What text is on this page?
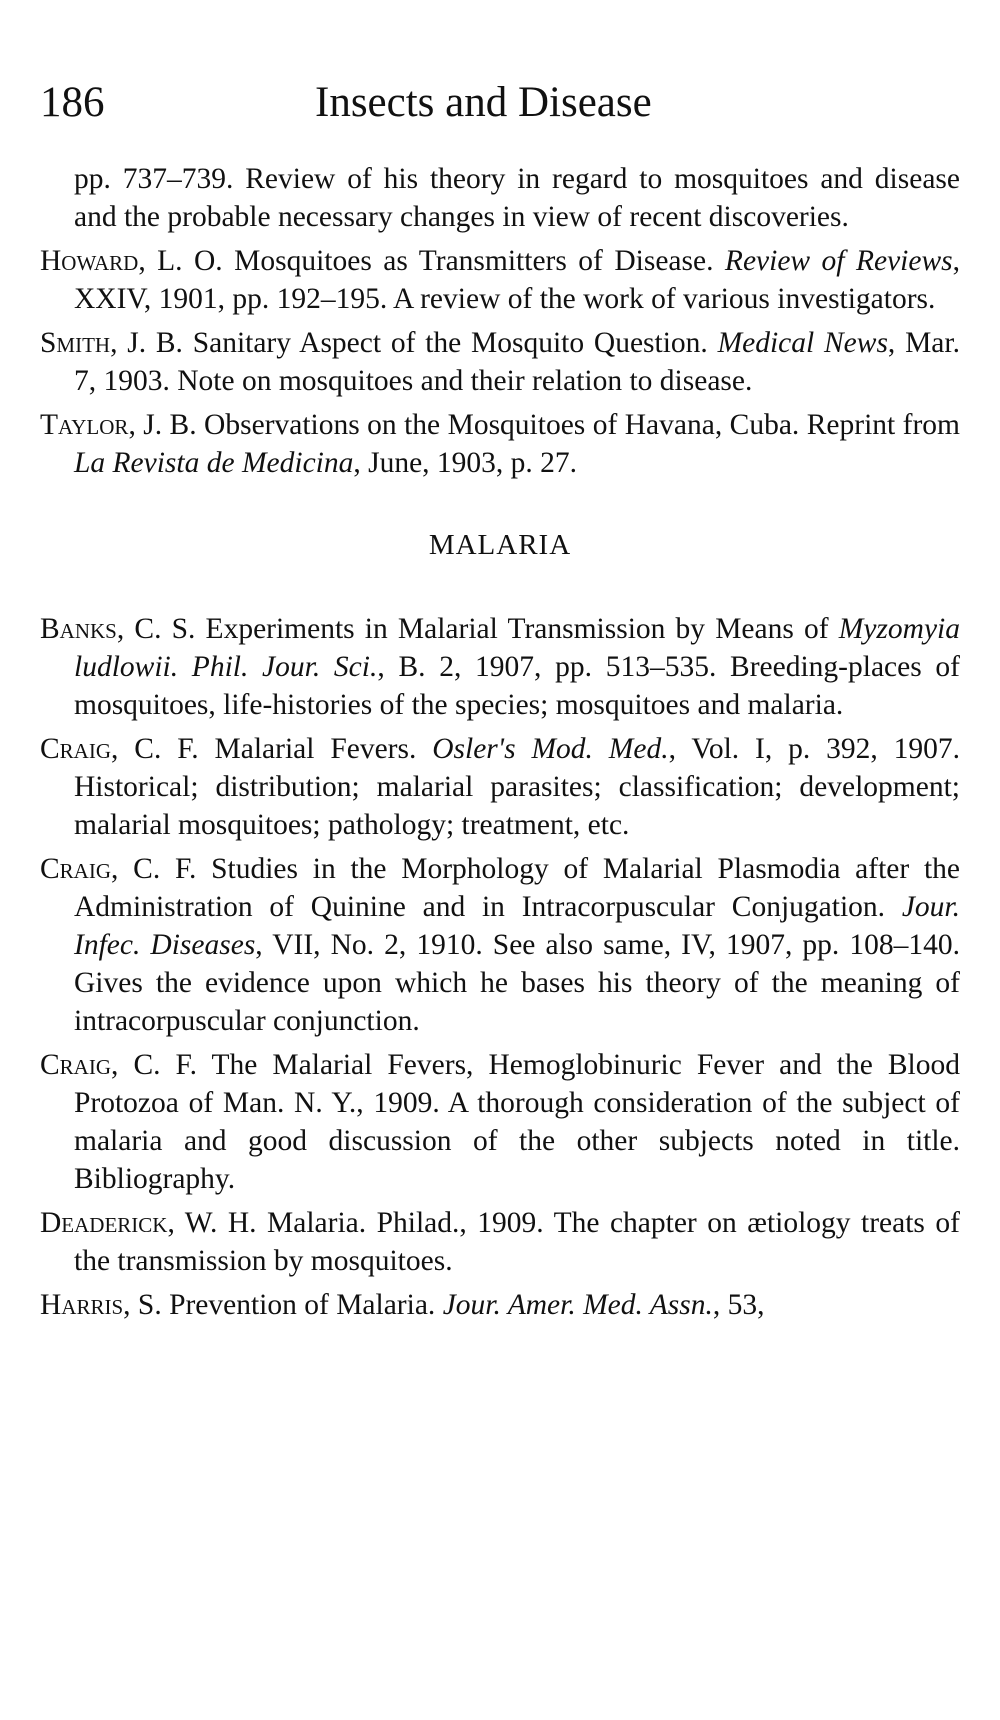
186	Insects and Disease

pp. 737–739. Review of his theory in regard to mosquitoes and disease and the probable necessary changes in view of recent discoveries.

Howard, L. O. Mosquitoes as Transmitters of Disease. Review of Reviews, XXIV, 1901, pp. 192–195. A review of the work of various investigators.

Smith, J. B. Sanitary Aspect of the Mosquito Question. Medical News, Mar. 7, 1903. Note on mosquitoes and their relation to disease.

Taylor, J. B. Observations on the Mosquitoes of Havana, Cuba. Reprint from La Revista de Medicina, June, 1903, p. 27.

MALARIA

Banks, C. S. Experiments in Malarial Transmission by Means of Myzomyia ludlowii. Phil. Jour. Sci., B. 2, 1907, pp. 513–535. Breeding-places of mosquitoes, life-histories of the species; mosquitoes and malaria.

Craig, C. F. Malarial Fevers. Osler's Mod. Med., Vol. I, p. 392, 1907. Historical; distribution; malarial parasites; classification; development; malarial mosquitoes; pathology; treatment, etc.

Craig, C. F. Studies in the Morphology of Malarial Plasmodia after the Administration of Quinine and in Intracorpuscular Conjugation. Jour. Infec. Diseases, VII, No. 2, 1910. See also same, IV, 1907, pp. 108–140. Gives the evidence upon which he bases his theory of the meaning of intracorpuscular conjunction.

Craig, C. F. The Malarial Fevers, Hemoglobinuric Fever and the Blood Protozoa of Man. N. Y., 1909. A thorough consideration of the subject of malaria and good discussion of the other subjects noted in title. Bibliography.

Deaderick, W. H. Malaria. Philad., 1909. The chapter on ætiology treats of the transmission by mosquitoes.

Harris, S. Prevention of Malaria. Jour. Amer. Med. Assn., 53,
